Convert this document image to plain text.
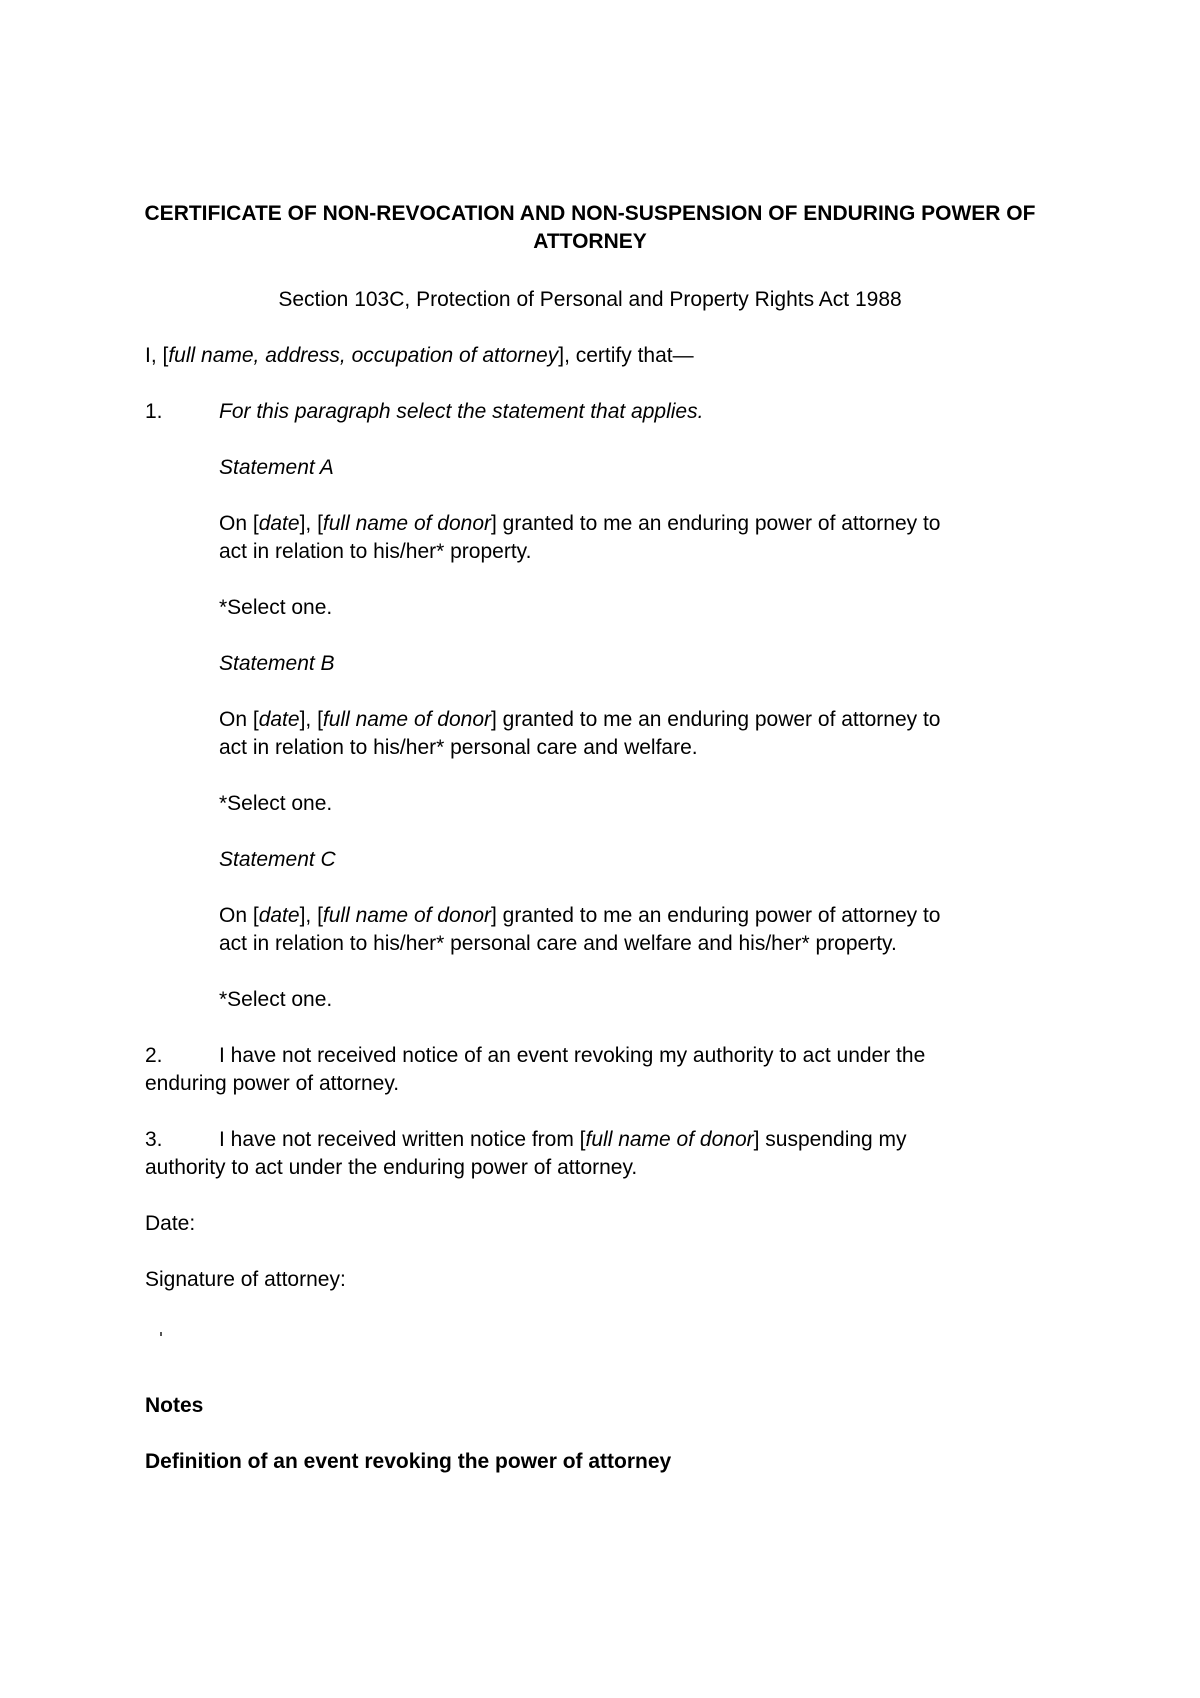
CERTIFICATE OF NON-REVOCATION AND NON-SUSPENSION OF ENDURING POWER OF ATTORNEY
Section 103C, Protection of Personal and Property Rights Act 1988
I, [full name, address, occupation of attorney], certify that—
1.	For this paragraph select the statement that applies.
Statement A
On [date], [full name of donor] granted to me an enduring power of attorney to
act in relation to his/her* property.
*Select one.
Statement B
On [date], [full name of donor] granted to me an enduring power of attorney to
act in relation to his/her* personal care and welfare.
*Select one.
Statement C
On [date], [full name of donor] granted to me an enduring power of attorney to
act in relation to his/her* personal care and welfare and his/her* property.
*Select one.
2.	I have not received notice of an event revoking my authority to act under the
enduring power of attorney.
3.	I have not received written notice from [full name of donor] suspending my
authority to act under the enduring power of attorney.
Date:
Signature of attorney:
Notes
Definition of an event revoking the power of attorney
